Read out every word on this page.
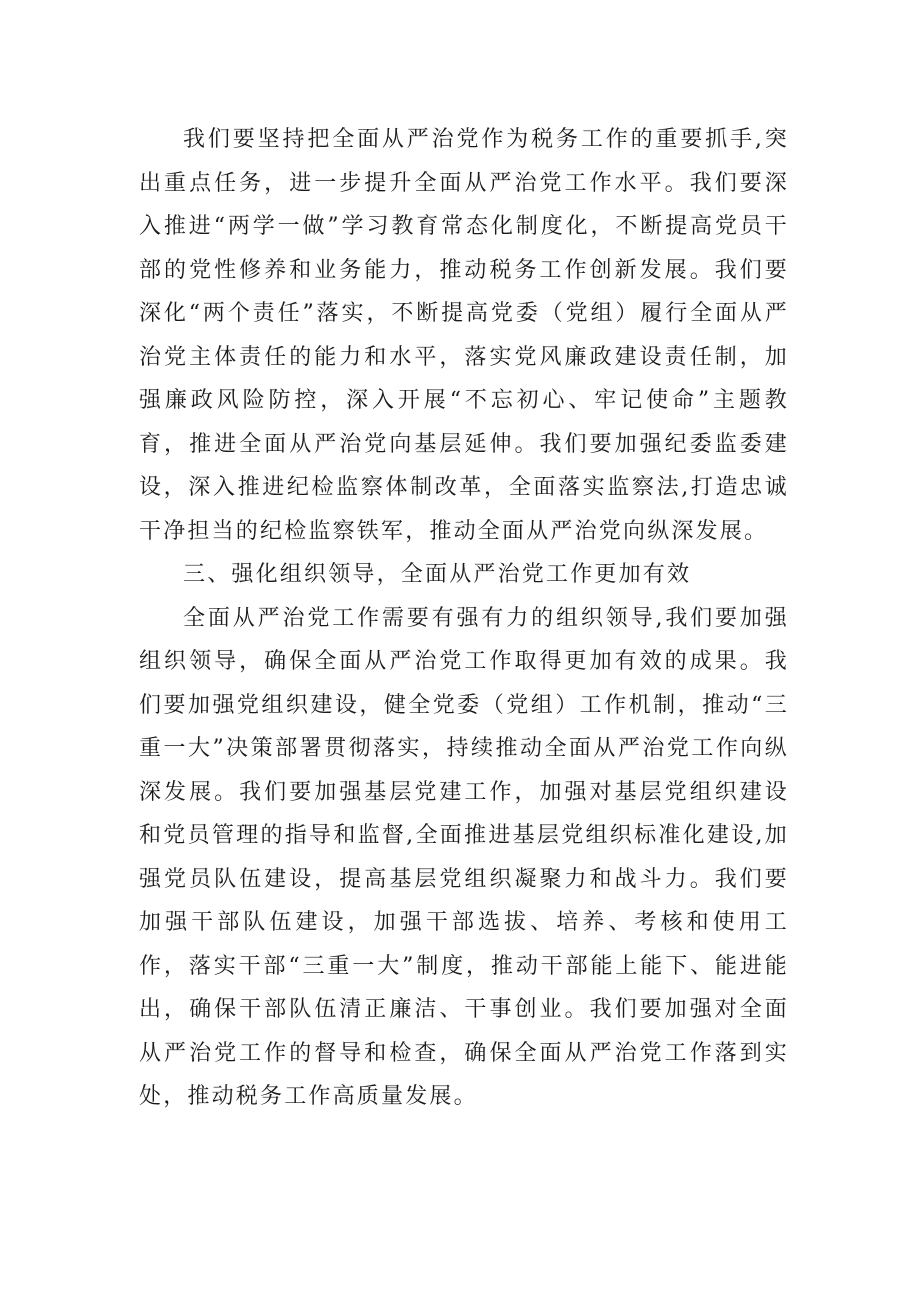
我们要坚持把全面从严治党作为税务工作的重要抓手,突出重点任务，进一步提升全面从严治党工作水平。我们要深入推进“两学一做”学习教育常态化制度化，不断提高党员干部的党性修养和业务能力，推动税务工作创新发展。我们要深化“两个责任”落实，不断提高党委（党组）履行全面从严治党主体责任的能力和水平，落实党风廉政建设责任制，加强廉政风险防控，深入开展“不忘初心、牢记使命”主题教育，推进全面从严治党向基层延伸。我们要加强纪委监委建设，深入推进纪检监察体制改革，全面落实监察法,打造忠诚干净担当的纪检监察铁军，推动全面从严治党向纵深发展。

三、强化组织领导，全面从严治党工作更加有效

全面从严治党工作需要有强有力的组织领导,我们要加强组织领导，确保全面从严治党工作取得更加有效的成果。我们要加强党组织建设，健全党委（党组）工作机制，推动“三重一大”决策部署贯彻落实，持续推动全面从严治党工作向纵深发展。我们要加强基层党建工作，加强对基层党组织建设和党员管理的指导和监督,全面推进基层党组织标准化建设,加强党员队伍建设，提高基层党组织凝聚力和战斗力。我们要加强干部队伍建设，加强干部选拔、培养、考核和使用工作，落实干部“三重一大”制度，推动干部能上能下、能进能出，确保干部队伍清正廉洁、干事创业。我们要加强对全面从严治党工作的督导和检查，确保全面从严治党工作落到实处，推动税务工作高质量发展。
